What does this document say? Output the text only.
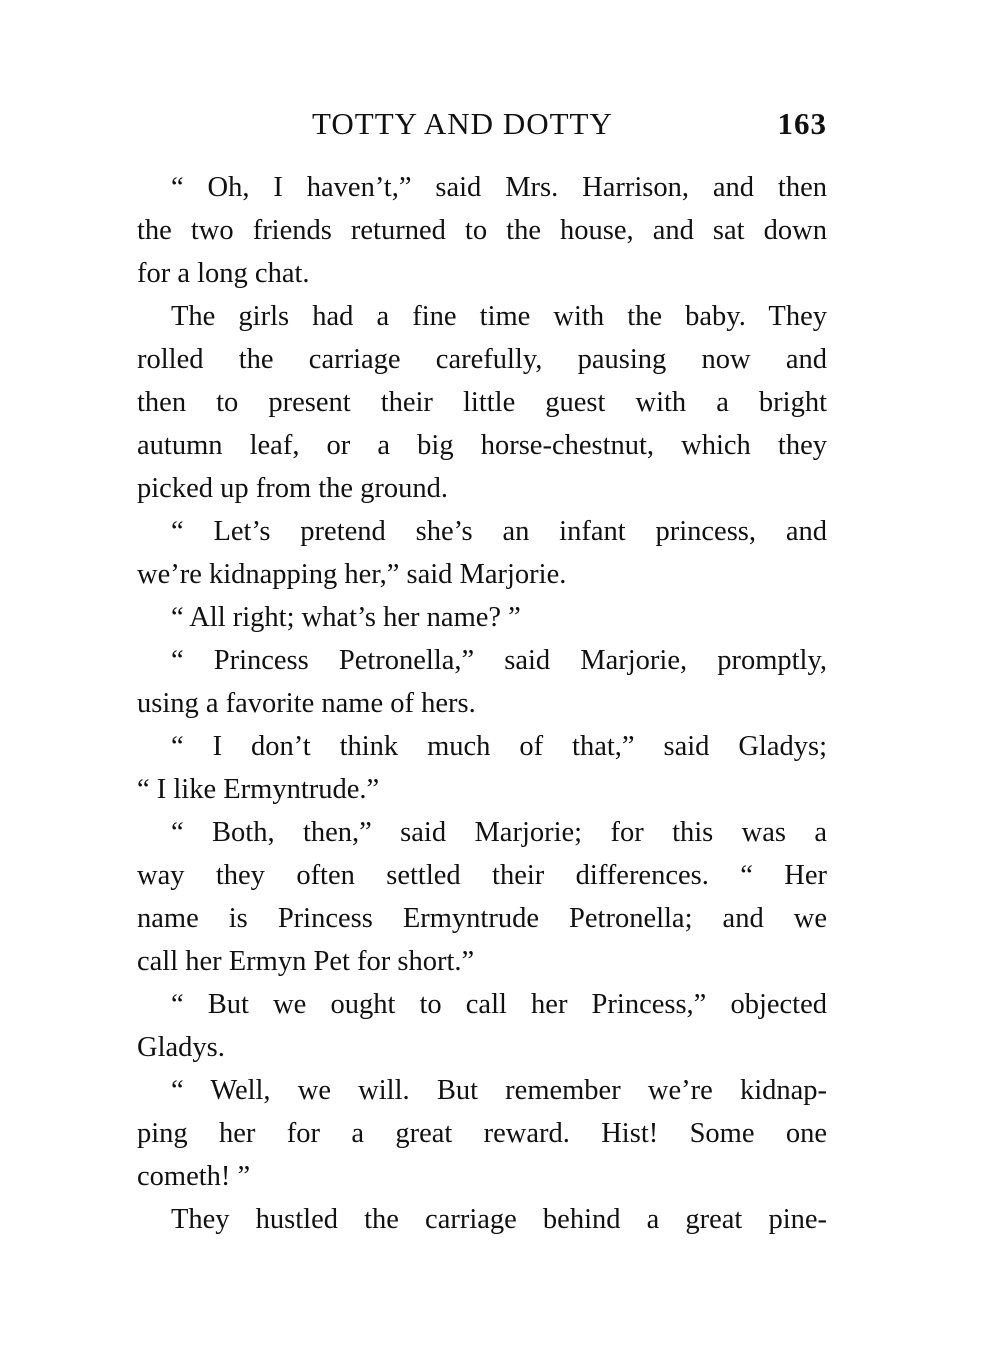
TOTTY AND DOTTY	163
“ Oh, I haven’t,” said Mrs. Harrison, and then
the two friends returned to the house, and sat down
for a long chat.
The girls had a fine time with the baby. They
rolled the carriage carefully, pausing now and
then to present their little guest with a bright
autumn leaf, or a big horse-chestnut, which they
picked up from the ground.
“ Let’s pretend she’s an infant princess, and
we’re kidnapping her,” said Marjorie.
“ All right; what’s her name? ”
“ Princess Petronella,” said Marjorie, promptly,
using a favorite name of hers.
“ I don’t think much of that,” said Gladys;
“ I like Ermyntrude.”
“ Both, then,” said Marjorie; for this was a
way they often settled their differences. “ Her
name is Princess Ermyntrude Petronella; and we
call her Ermyn Pet for short.”
“ But we ought to call her Princess,” objected
Gladys.
“ Well, we will. But remember we’re kidnap-
ping her for a great reward. Hist! Some one
cometh! ”
They hustled the carriage behind a great pine-
